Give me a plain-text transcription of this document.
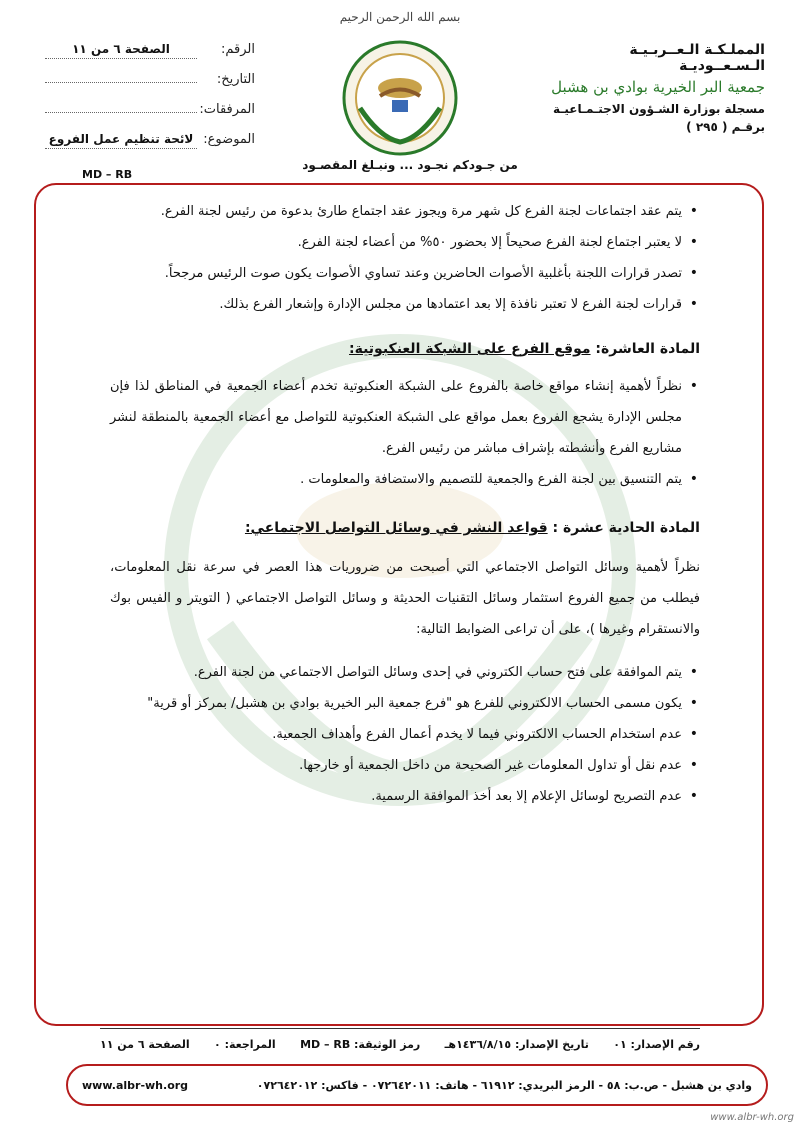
بسم الله الرحمن الرحيم
من جـودكم نجـود ... ونبـلغ المقصـود
المملـكـة الـعــربـيـة الـسـعــوديـة
جمعية البر الخيرية بوادي بن هشبل
مسجلة بوزارة الشـؤون الاجتـمـاعيـة
برقـم ( ٢٩٥ )
الرقم:
الصفحة ٦ من ١١
التاريخ:
المرفقات:
الموضوع:
لائحة تنظيم عمل الفروع
MD – RB
• يتم عقد اجتماعات لجنة الفرع كل شهر مرة ويجوز عقد اجتماع طارئ بدعوة من رئيس لجنة الفرع.
• لا يعتبر اجتماع لجنة الفرع صحيحاً إلا بحضور ٥٠% من أعضاء لجنة الفرع.
• تصدر قرارات اللجنة بأغلبية الأصوات الحاضرين وعند تساوي الأصوات يكون صوت الرئيس مرجحاً.
• قرارات لجنة الفرع لا تعتبر نافذة إلا بعد اعتمادها من مجلس الإدارة وإشعار الفرع بذلك.
المادة العاشرة: موقع الفرع على الشبكة العنكبوتية:
• نظراً لأهمية إنشاء مواقع خاصة بالفروع على الشبكة العنكبوتية تخدم أعضاء الجمعية في المناطق لذا فإن مجلس الإدارة يشجع الفروع بعمل مواقع على الشبكة العنكبوتية للتواصل مع أعضاء الجمعية بالمنطقة لنشر مشاريع الفرع وأنشطته بإشراف مباشر من رئيس الفرع.
• يتم التنسيق بين لجنة الفرع والجمعية للتصميم والاستضافة والمعلومات .
المادة الحادية عشرة : قواعد النشر في وسائل التواصل الاجتماعي:
نظراً لأهمية وسائل التواصل الاجتماعي التي أصبحت من ضروريات هذا العصر في سرعة نقل المعلومات، فيطلب من جميع الفروع استثمار وسائل التقنيات الحديثة و وسائل التواصل الاجتماعي ( التويتر و الفيس بوك والانستقرام وغيرها )، على أن تراعى الضوابط التالية:
• يتم الموافقة على فتح حساب الكتروني في إحدى وسائل التواصل الاجتماعي من لجنة الفرع.
• يكون مسمى الحساب الالكتروني للفرع هو "فرع جمعية البر الخيرية بوادي بن هشبل/ بمركز أو قرية"
• عدم استخدام الحساب الالكتروني فيما لا يخدم أعمال الفرع وأهداف الجمعية.
• عدم نقل أو تداول المعلومات غير الصحيحة من داخل الجمعية أو خارجها.
• عدم التصريح لوسائل الإعلام إلا بعد أخذ الموافقة الرسمية.
رقم الإصدار: ٠١
تاريخ الإصدار: ١٤٣٦/٨/١٥هـ
رمز الوثيقة: MD – RB
المراجعة: ٠
الصفحة ٦ من ١١
وادي بن هشبل - ص.ب: ٥٨ - الرمز البريدي: ٦١٩١٢ - هاتف: ٠٧٢٦٤٢٠١١ - فاكس: ٠٧٢٦٤٢٠١٢
www.albr-wh.org
www.albr-wh.org
